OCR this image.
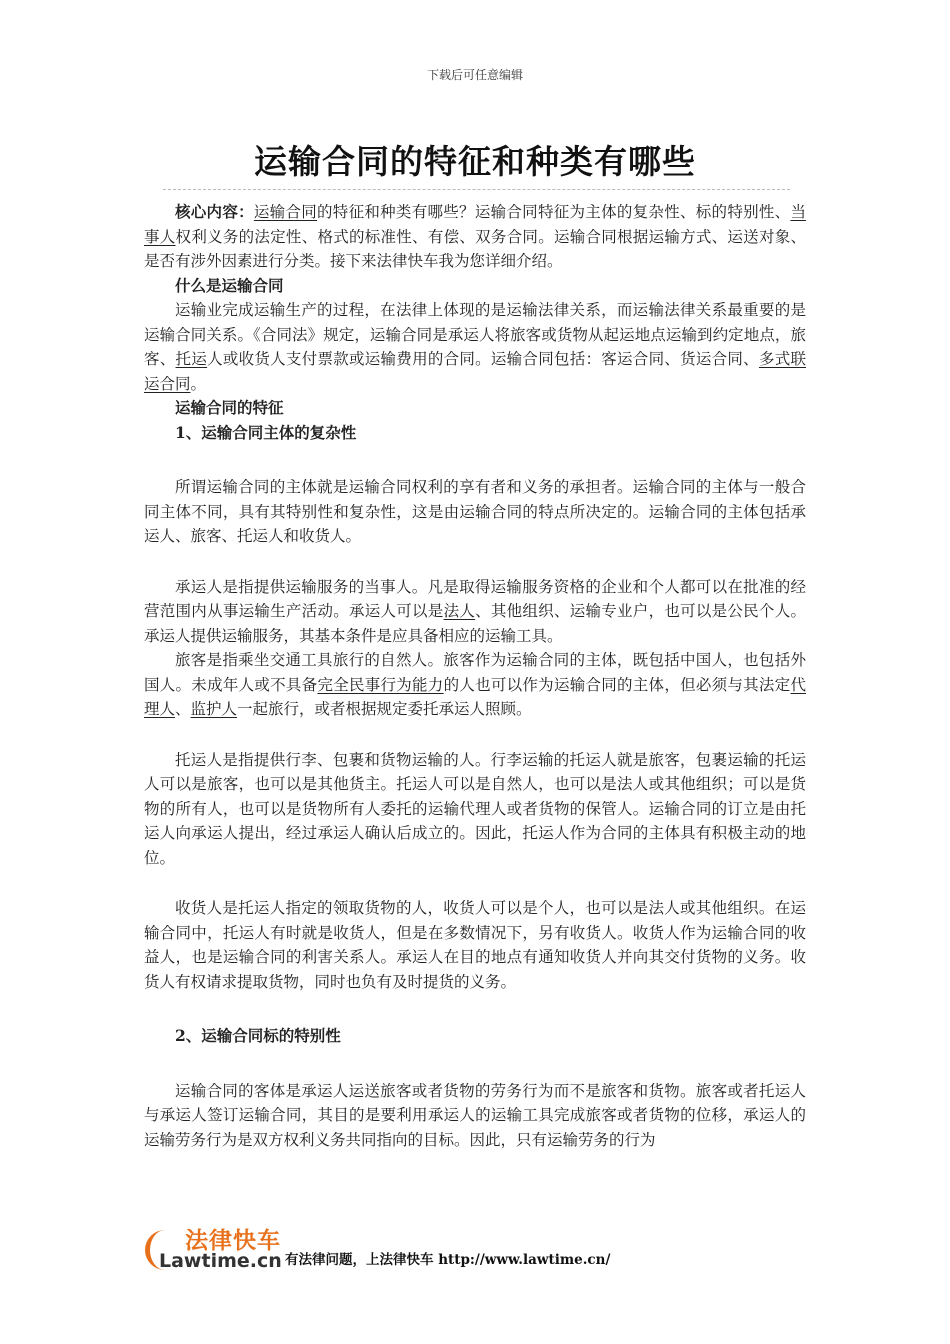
下载后可任意编辑
运输合同的特征和种类有哪些

核心内容：运输合同的特征和种类有哪些？运输合同特征为主体的复杂性、标的特别性、当事人权利义务的法定性、格式的标准性、有偿、双务合同。运输合同根据运输方式、运送对象、是否有涉外因素进行分类。接下来法律快车我为您详细介绍。

什么是运输合同

运输业完成运输生产的过程，在法律上体现的是运输法律关系，而运输法律关系最重要的是运输合同关系。《合同法》规定，运输合同是承运人将旅客或货物从起运地点运输到约定地点，旅客、托运人或收货人支付票款或运输费用的合同。运输合同包括：客运合同、货运合同、多式联运合同。

运输合同的特征

1、运输合同主体的复杂性

所谓运输合同的主体就是运输合同权利的享有者和义务的承担者。运输合同的主体与一般合同主体不同，具有其特别性和复杂性，这是由运输合同的特点所决定的。运输合同的主体包括承运人、旅客、托运人和收货人。

承运人是指提供运输服务的当事人。凡是取得运输服务资格的企业和个人都可以在批准的经营范围内从事运输生产活动。承运人可以是法人、其他组织、运输专业户，也可以是公民个人。承运人提供运输服务，其基本条件是应具备相应的运输工具。

旅客是指乘坐交通工具旅行的自然人。旅客作为运输合同的主体，既包括中国人，也包括外国人。未成年人或不具备完全民事行为能力的人也可以作为运输合同的主体，但必须与其法定代理人、监护人一起旅行，或者根据规定委托承运人照顾。

托运人是指提供行李、包裹和货物运输的人。行李运输的托运人就是旅客，包裹运输的托运人可以是旅客，也可以是其他货主。托运人可以是自然人，也可以是法人或其他组织；可以是货物的所有人，也可以是货物所有人委托的运输代理人或者货物的保管人。运输合同的订立是由托运人向承运人提出，经过承运人确认后成立的。因此，托运人作为合同的主体具有积极主动的地位。

收货人是托运人指定的领取货物的人，收货人可以是个人，也可以是法人或其他组织。在运输合同中，托运人有时就是收货人，但是在多数情况下，另有收货人。收货人作为运输合同的收益人，也是运输合同的利害关系人。承运人在目的地点有通知收货人并向其交付货物的义务。收货人有权请求提取货物，同时也负有及时提货的义务。

2、运输合同标的特别性

运输合同的客体是承运人运送旅客或者货物的劳务行为而不是旅客和货物。旅客或者托运人与承运人签订运输合同，其目的是要利用承运人的运输工具完成旅客或者货物的位移，承运人的运输劳务行为是双方权利义务共同指向的目标。因此，只有运输劳务的行为

法律快车
Lawtime.cn 有法律问题，上法律快车 http://www.lawtime.cn/
